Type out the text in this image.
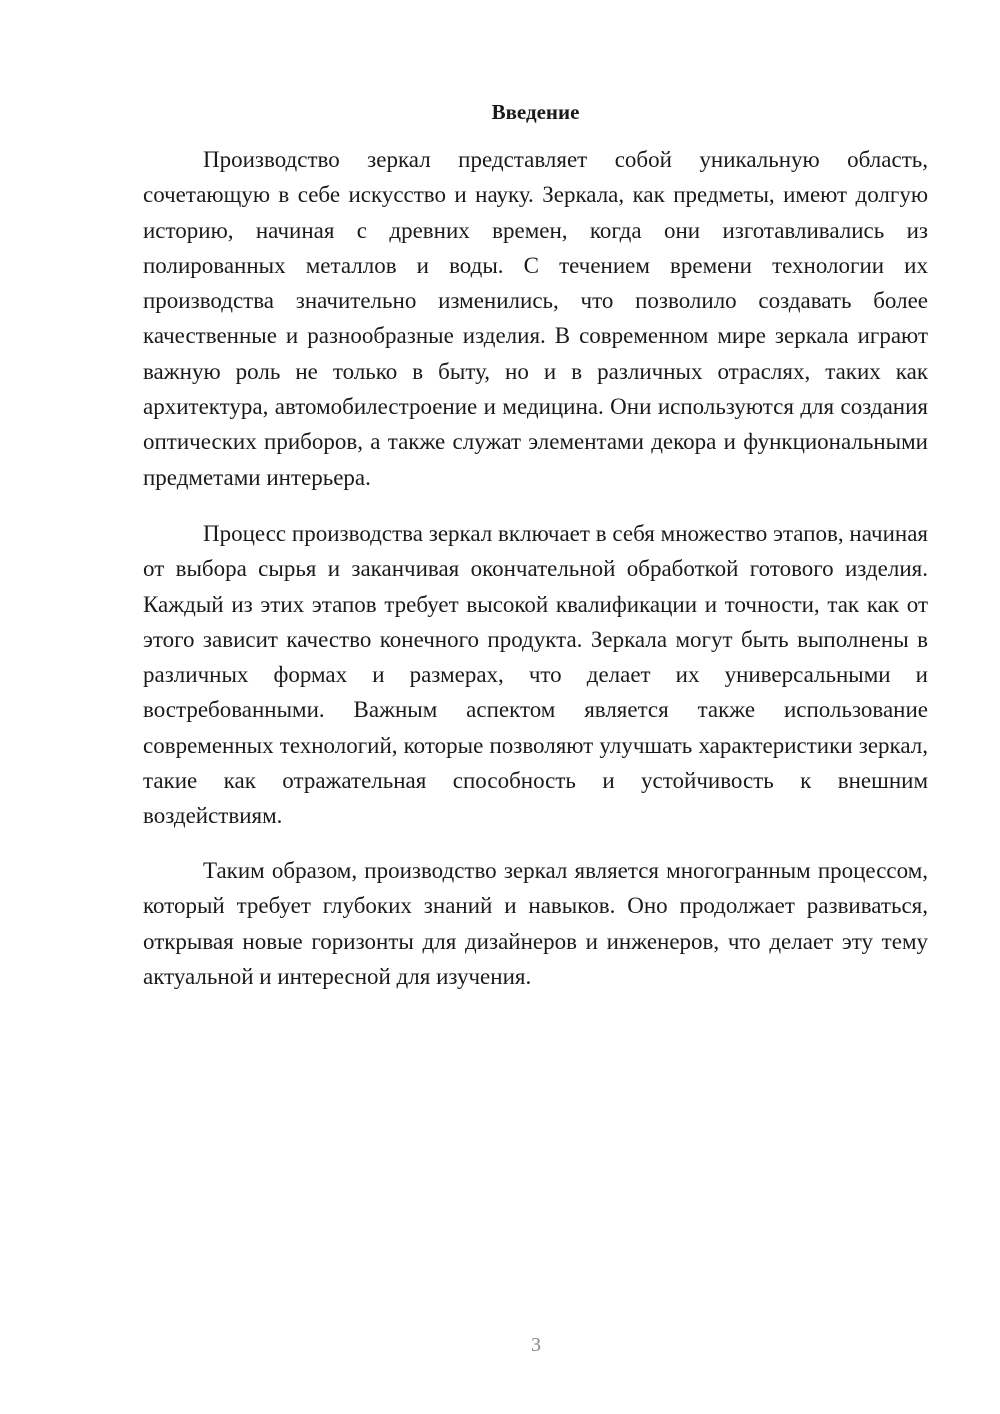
Введение

Производство зеркал представляет собой уникальную область, сочетающую в себе искусство и науку. Зеркала, как предметы, имеют долгую историю, начиная с древних времен, когда они изготавливались из полированных металлов и воды. С течением времени технологии их производства значительно изменились, что позволило создавать более качественные и разнообразные изделия. В современном мире зеркала играют важную роль не только в быту, но и в различных отраслях, таких как архитектура, автомобилестроение и медицина. Они используются для создания оптических приборов, а также служат элементами декора и функциональными предметами интерьера.

Процесс производства зеркал включает в себя множество этапов, начиная от выбора сырья и заканчивая окончательной обработкой готового изделия. Каждый из этих этапов требует высокой квалификации и точности, так как от этого зависит качество конечного продукта. Зеркала могут быть выполнены в различных формах и размерах, что делает их универсальными и востребованными. Важным аспектом является также использование современных технологий, которые позволяют улучшать характеристики зеркал, такие как отражательная способность и устойчивость к внешним воздействиям.

Таким образом, производство зеркал является многогранным процессом, который требует глубоких знаний и навыков. Оно продолжает развиваться, открывая новые горизонты для дизайнеров и инженеров, что делает эту тему актуальной и интересной для изучения.

3
